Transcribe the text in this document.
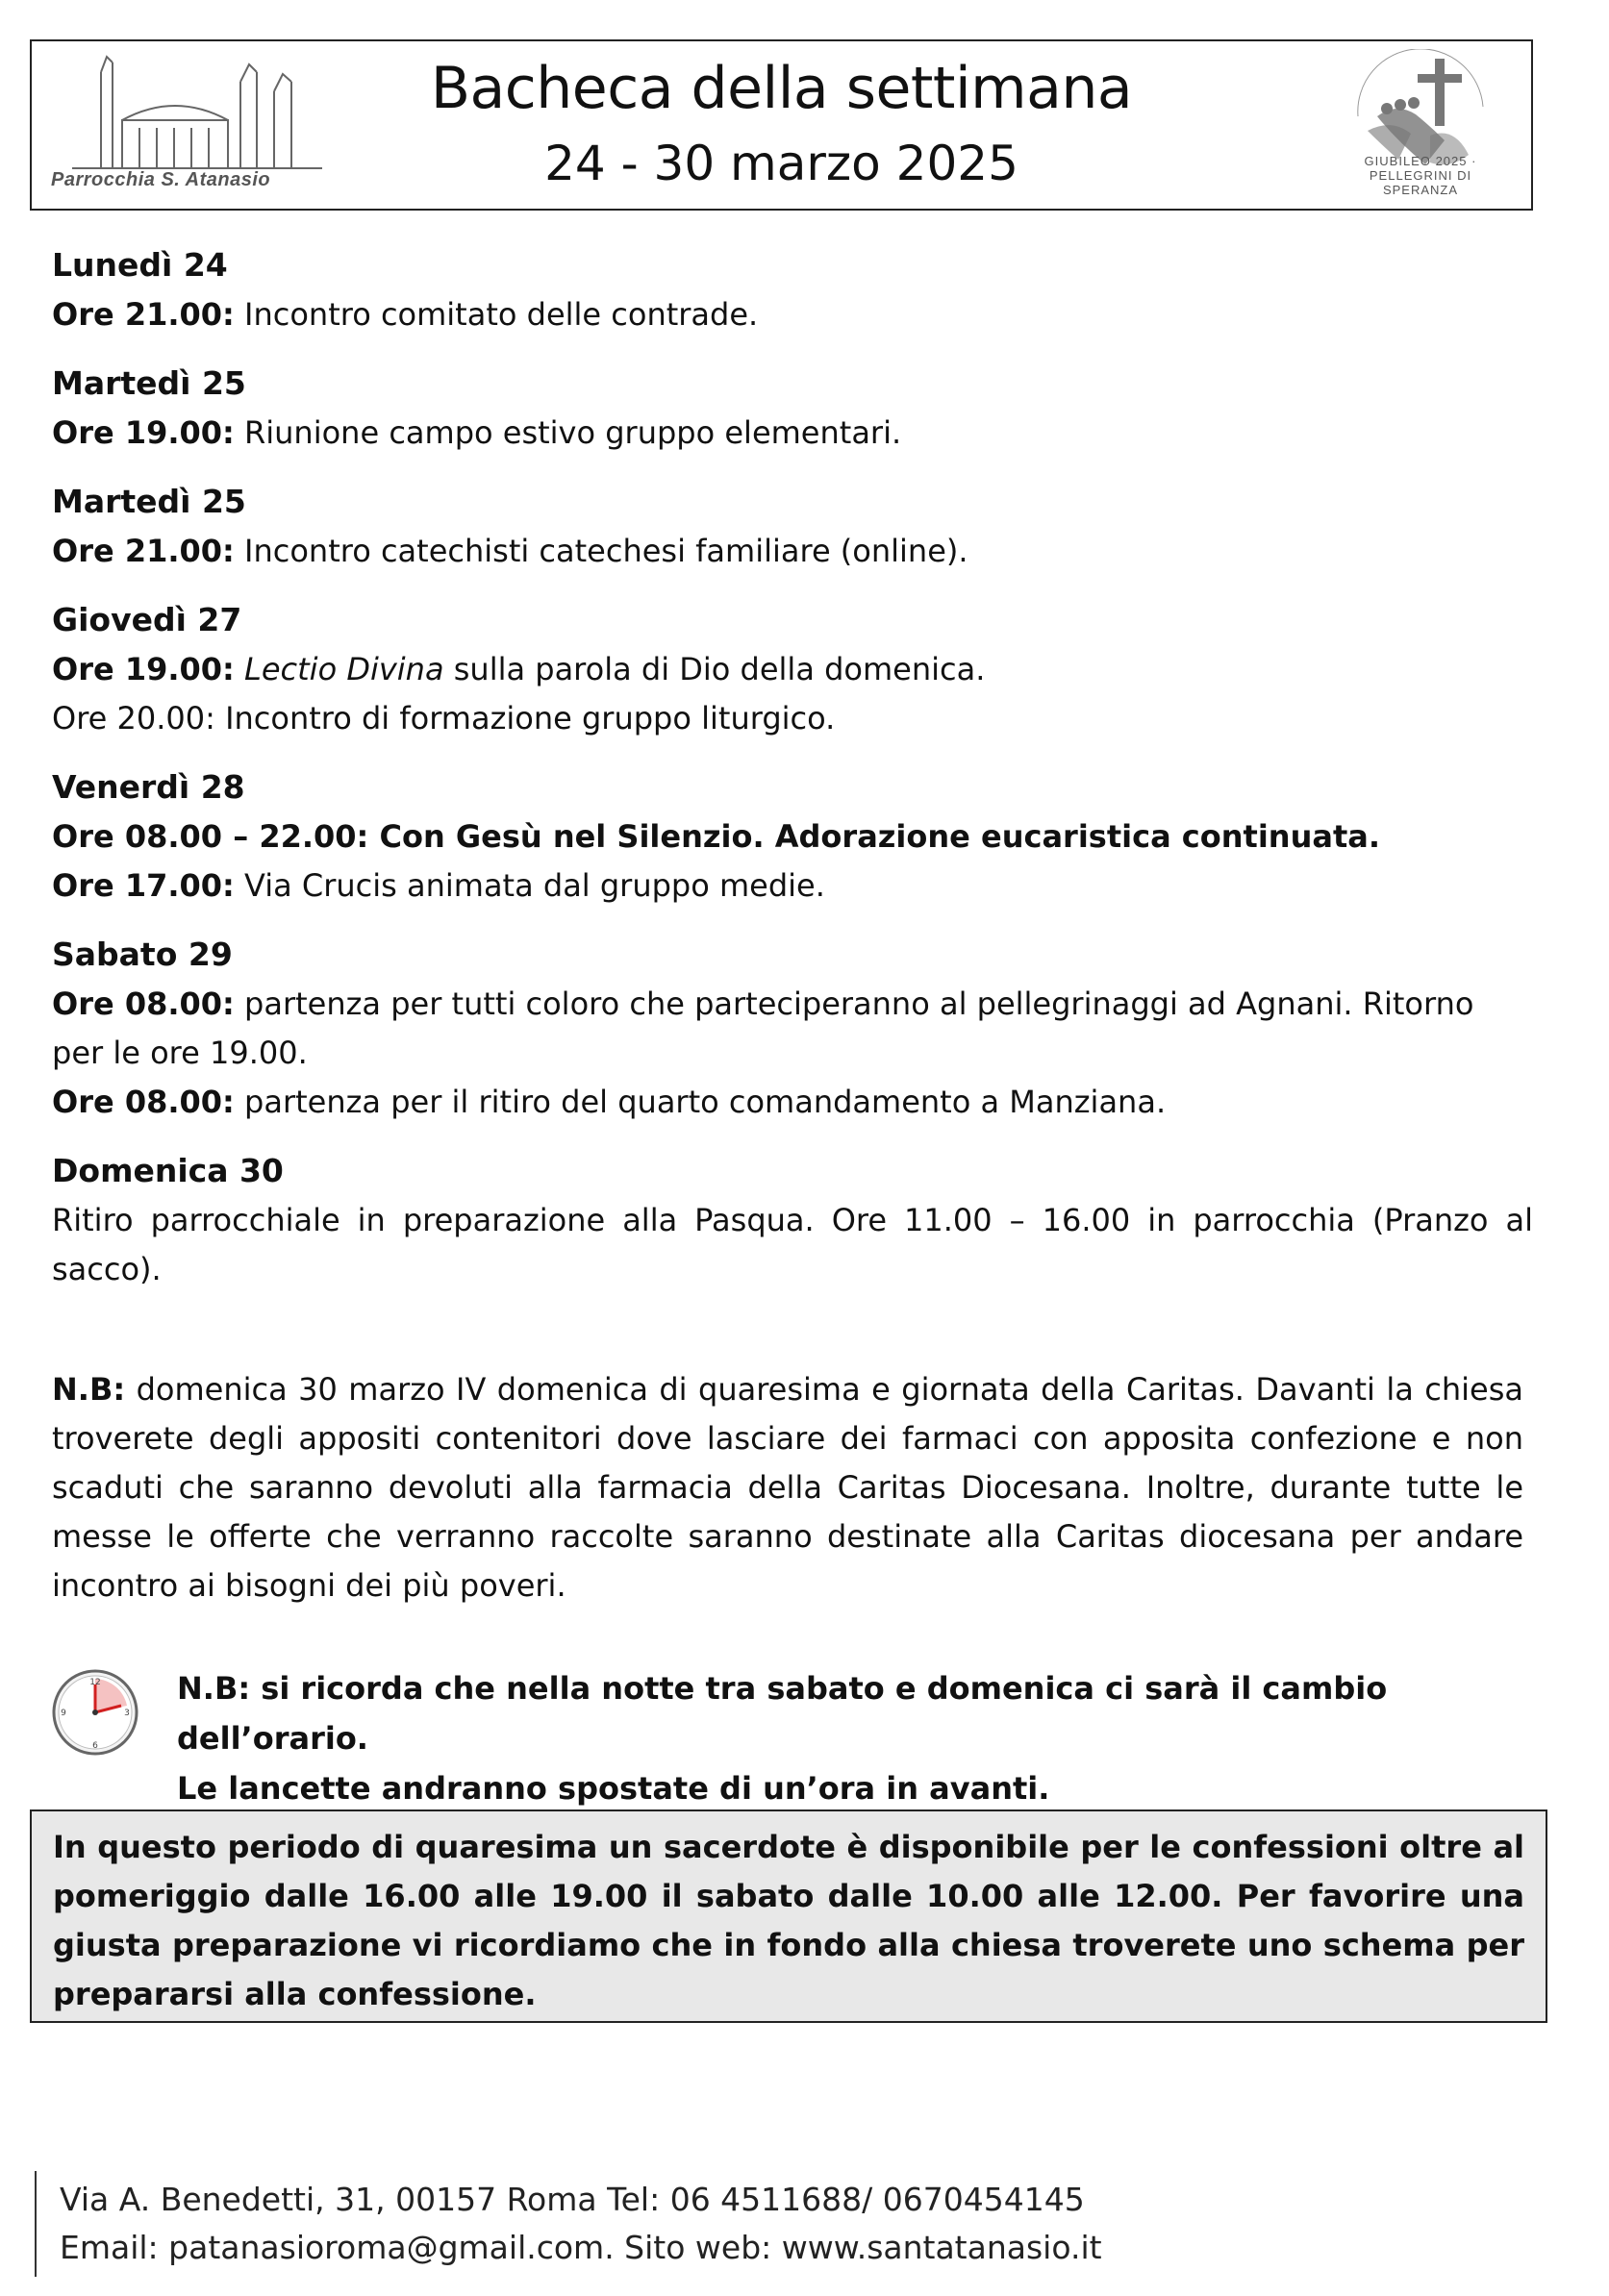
Parrocchia S. Atanasio
Bacheca della settimana
24 - 30 marzo 2025	GIUBILEO 2025 · PELLEGRINI DI SPERANZA
Lunedì 24
Ore 21.00: Incontro comitato delle contrade.
Martedì 25
Ore 19.00: Riunione campo estivo gruppo elementari.
Martedì 25
Ore 21.00: Incontro catechisti catechesi familiare (online).
Giovedì 27
Ore 19.00: Lectio Divina sulla parola di Dio della domenica.
Ore 20.00: Incontro di formazione gruppo liturgico.
Venerdì 28
Ore 08.00 – 22.00: Con Gesù nel Silenzio. Adorazione eucaristica continuata.
Ore 17.00: Via Crucis animata dal gruppo medie.
Sabato 29
Ore 08.00: partenza per tutti coloro che parteciperanno al pellegrinaggi ad Agnani. Ritorno per le ore 19.00.
Ore 08.00: partenza per il ritiro del quarto comandamento a Manziana.
Domenica 30
Ritiro parrocchiale in preparazione alla Pasqua. Ore 11.00 – 16.00 in parrocchia (Pranzo al sacco).
N.B: domenica 30 marzo IV domenica di quaresima e giornata della Caritas. Davanti la chiesa troverete degli appositi contenitori dove lasciare dei farmaci con apposita confezione e non scaduti che saranno devoluti alla farmacia della Caritas Diocesana. Inoltre, durante tutte le messe le offerte che verranno raccolte saranno destinate alla Caritas diocesana per andare incontro ai bisogni dei più poveri.
12
3
6
9
N.B: si ricorda che nella notte tra sabato e domenica ci sarà il cambio dell’orario.
Le lancette andranno spostate di un’ora in avanti.

In questo periodo di quaresima un sacerdote è disponibile per le confessioni oltre al pomeriggio dalle 16.00 alle 19.00 il sabato dalle 10.00 alle 12.00. Per favorire una giusta preparazione vi ricordiamo che in fondo alla chiesa troverete uno schema per prepararsi alla confessione.

Via A. Benedetti, 31, 00157 Roma Tel: 06 4511688/ 0670454145
Email: patanasioroma@gmail.com. Sito web: www.santatanasio.it
